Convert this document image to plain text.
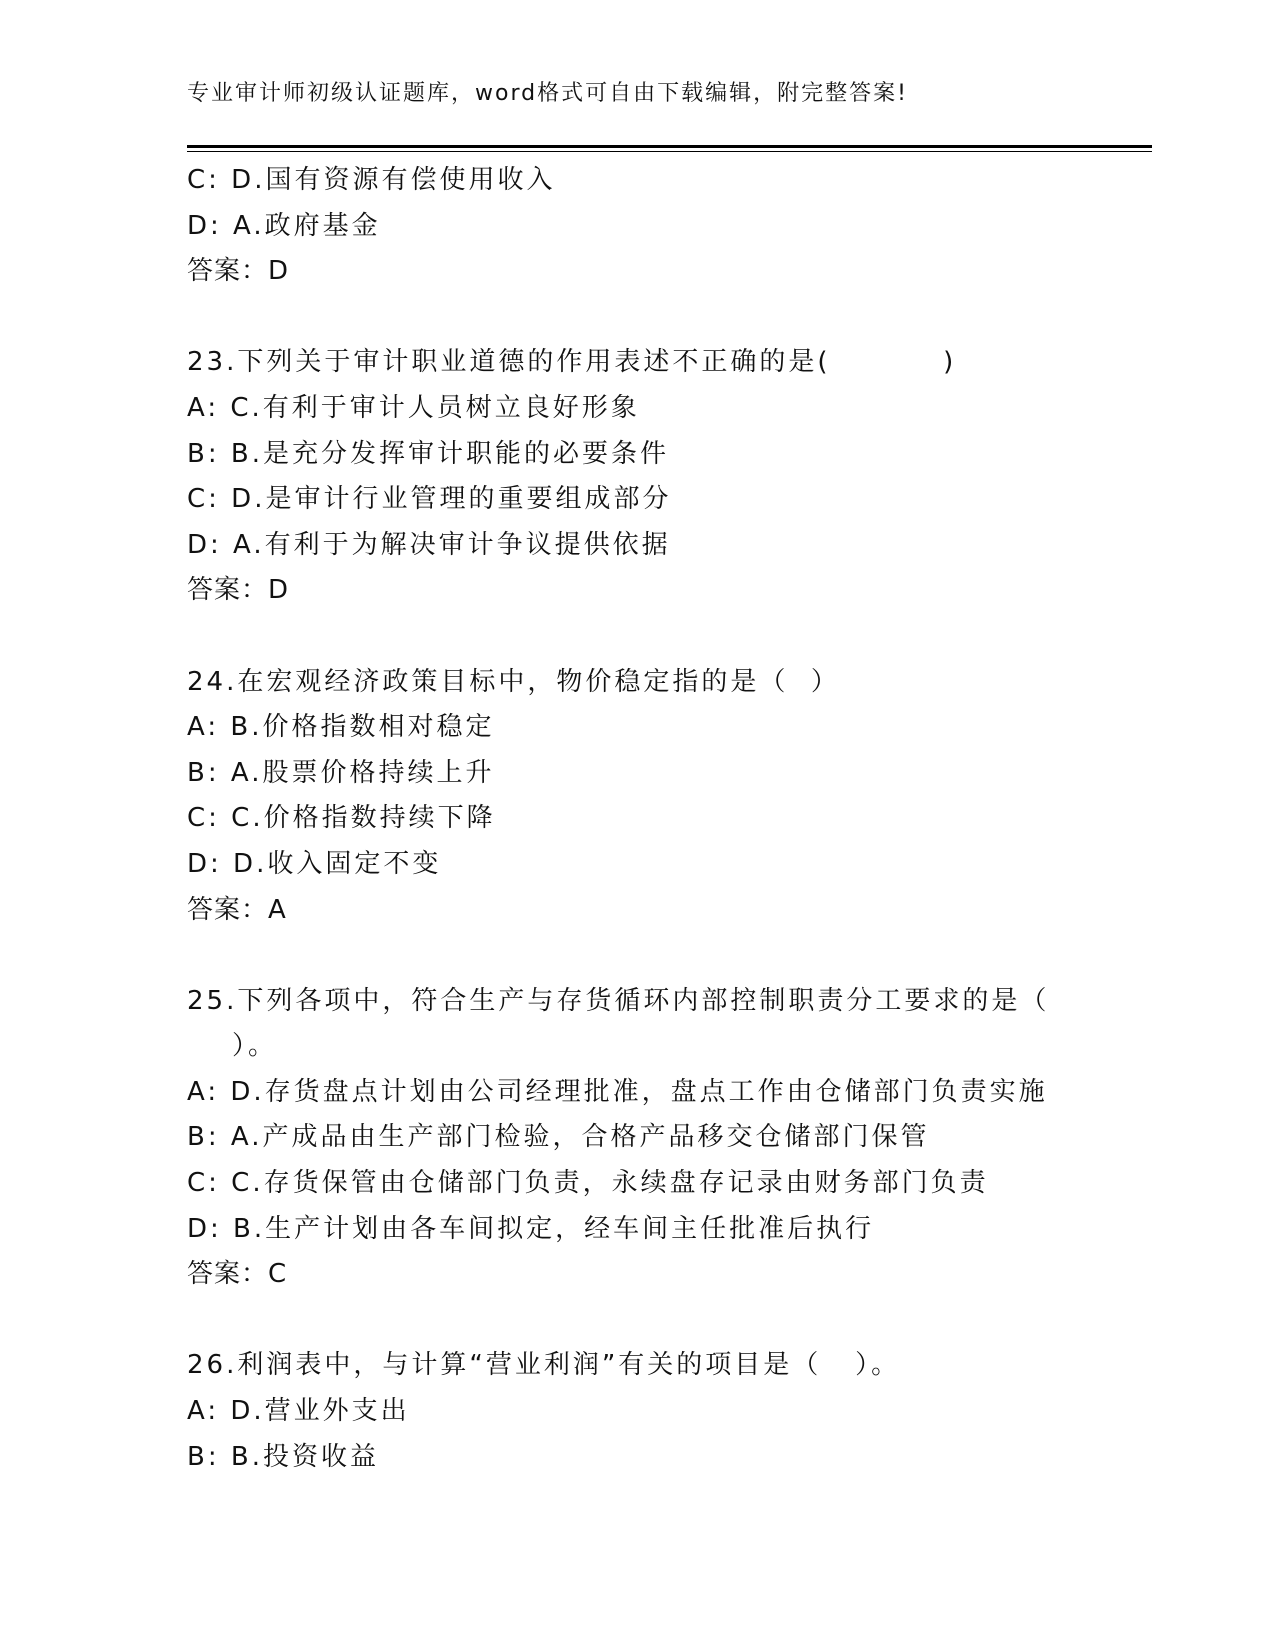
专业审计师初级认证题库，word格式可自由下载编辑，附完整答案!
C: D.国有资源有偿使用收入
D: A.政府基金
答案：D
23.下列关于审计职业道德的作用表述不正确的是(          )
A: C.有利于审计人员树立良好形象
B: B.是充分发挥审计职能的必要条件
C: D.是审计行业管理的重要组成部分
D: A.有利于为解决审计争议提供依据
答案：D
24.在宏观经济政策目标中，物价稳定指的是（  ）
A: B.价格指数相对稳定
B: A.股票价格持续上升
C: C.价格指数持续下降
D: D.收入固定不变
答案：A
25.下列各项中，符合生产与存货循环内部控制职责分工要求的是（
）。
A: D.存货盘点计划由公司经理批准，盘点工作由仓储部门负责实施
B: A.产成品由生产部门检验，合格产品移交仓储部门保管
C: C.存货保管由仓储部门负责，永续盘存记录由财务部门负责
D: B.生产计划由各车间拟定，经车间主任批准后执行
答案：C
26.利润表中，与计算“营业利润”有关的项目是（   ）。
A: D.营业外支出
B: B.投资收益
